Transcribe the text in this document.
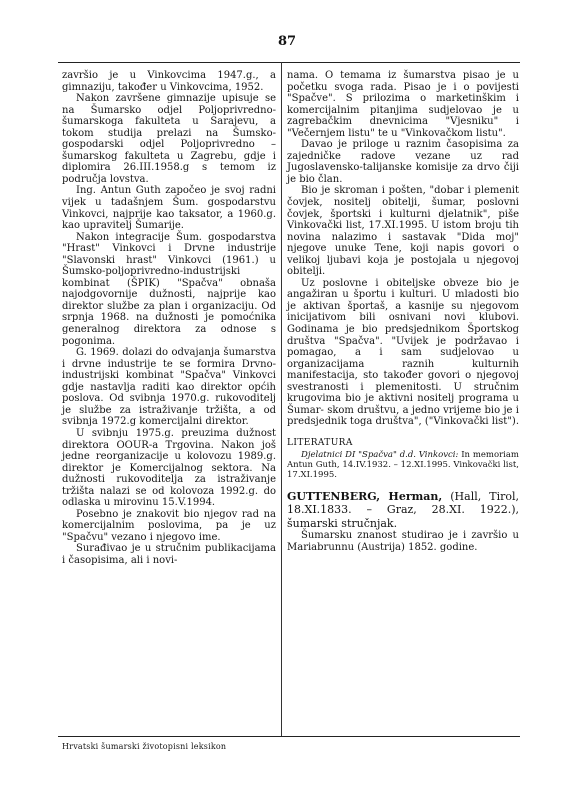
87

završio je u Vinkovcima 1947.g., a gimnaziju, također u Vinkovcima, 1952.

Nakon završene gimnazije upisuje se na Šumarsko odjel Poljoprivredno-šumarskoga fakulteta u Sarajevu, a tokom studija prelazi na Šumsko-gospodarski odjel Poljoprivredno – šumarskog fakulteta u Zagrebu, gdje i diplomira 26.III.1958.g s temom iz područja lovstva.

Ing. Antun Guth započeo je svoj radni vijek u tadašnjem Šum. gospodarstvu Vinkovci, najprije kao taksator, a 1960.g. kao upravitelj Šumarije.

Nakon integracije Šum. gospodarstva "Hrast" Vinkovci i Drvne industrije "Slavonski hrast" Vinkovci (1961.) u Šumsko-poljoprivredno-industrijski kombinat (ŠPIK) "Spačva" obnaša najodgovornije dužnosti, najprije kao direktor službe za plan i organizaciju. Od srpnja 1968. na dužnosti je pomoćnika generalnog direktora za odnose s pogonima.

G. 1969. dolazi do odvajanja šumarstva i drvne industrije te se formira Drvno-industrijski kombinat "Spačva" Vinkovci gdje nastavlja raditi kao direktor općih poslova. Od svibnja 1970.g. rukovoditelj je službe za istraživanje tržišta, a od svibnja 1972.g komercijalni direktor.

U svibnju 1975.g. preuzima dužnost direktora OOUR-a Trgovina. Nakon još jedne reorganizacije u kolovozu 1989.g. direktor je Komercijalnog sektora. Na dužnosti rukovoditelja za istraživanje tržišta nalazi se od kolovoza 1992.g. do odlaska u mirovinu 15.V.1994.

Posebno je znakovit bio njegov rad na komercijalnim poslovima, pa je uz "Spačvu" vezano i njegovo ime.

Surađivao je u stručnim publikacijama i časopisima, ali i novi-

nama. O temama iz šumarstva pisao je u početku svoga rada. Pisao je i o povijesti "Spačve". S prilozima o marketinškim i komercijalnim pitanjima sudjelovao je u zagrebačkim dnevnicima "Vjesniku" i "Večernjem listu" te u "Vinkovačkom listu".

Davao je priloge u raznim časopisima za zajedničke radove vezane uz rad Jugoslavensko-talijanske komisije za drvo čiji je bio član.

Bio je skroman i pošten, "dobar i plemenit čovjek, nositelj obitelji, šumar, poslovni čovjek, športski i kulturni djelatnik", piše Vinkovački list, 17.XI.1995. U istom broju tih novina nalazimo i sastavak "Dida moj" njegove unuke Tene, koji napis govori o velikoj ljubavi koja je postojala u njegovoj obitelji.

Uz poslovne i obiteljske obveze bio je angažiran u športu i kulturi. U mladosti bio je aktivan športaš, a kasnije su njegovom inicijativom bili osnivani novi klubovi. Godinama je bio predsjednikom Športskog društva "Spačva". "Uvijek je podržavao i pomagao, a i sam sudjelovao u organizacijama raznih kulturnih manifestacija, sto također govori o njegovoj svestranosti i plemenitosti. U stručnim krugovima bio je aktivni nositelj programa u Šumar- skom društvu, a jedno vrijeme bio je i predsjednik toga društva", ("Vinkovački list").

LITERATURA

Djelatnici DI "Spačva" d.d. Vinkovci: In memoriam Antun Guth, 14.IV.1932. – 12.XI.1995. Vinkovački list, 17.XI.1995.

GUTTENBERG, Herman, (Hall, Tirol, 18.XI.1833. – Graz, 28.XI. 1922.), šumarski stručnjak.

Šumarsku znanost studirao je i završio u Mariabrunnu (Austrija) 1852. godine.

Hrvatski šumarski životopisni leksikon
